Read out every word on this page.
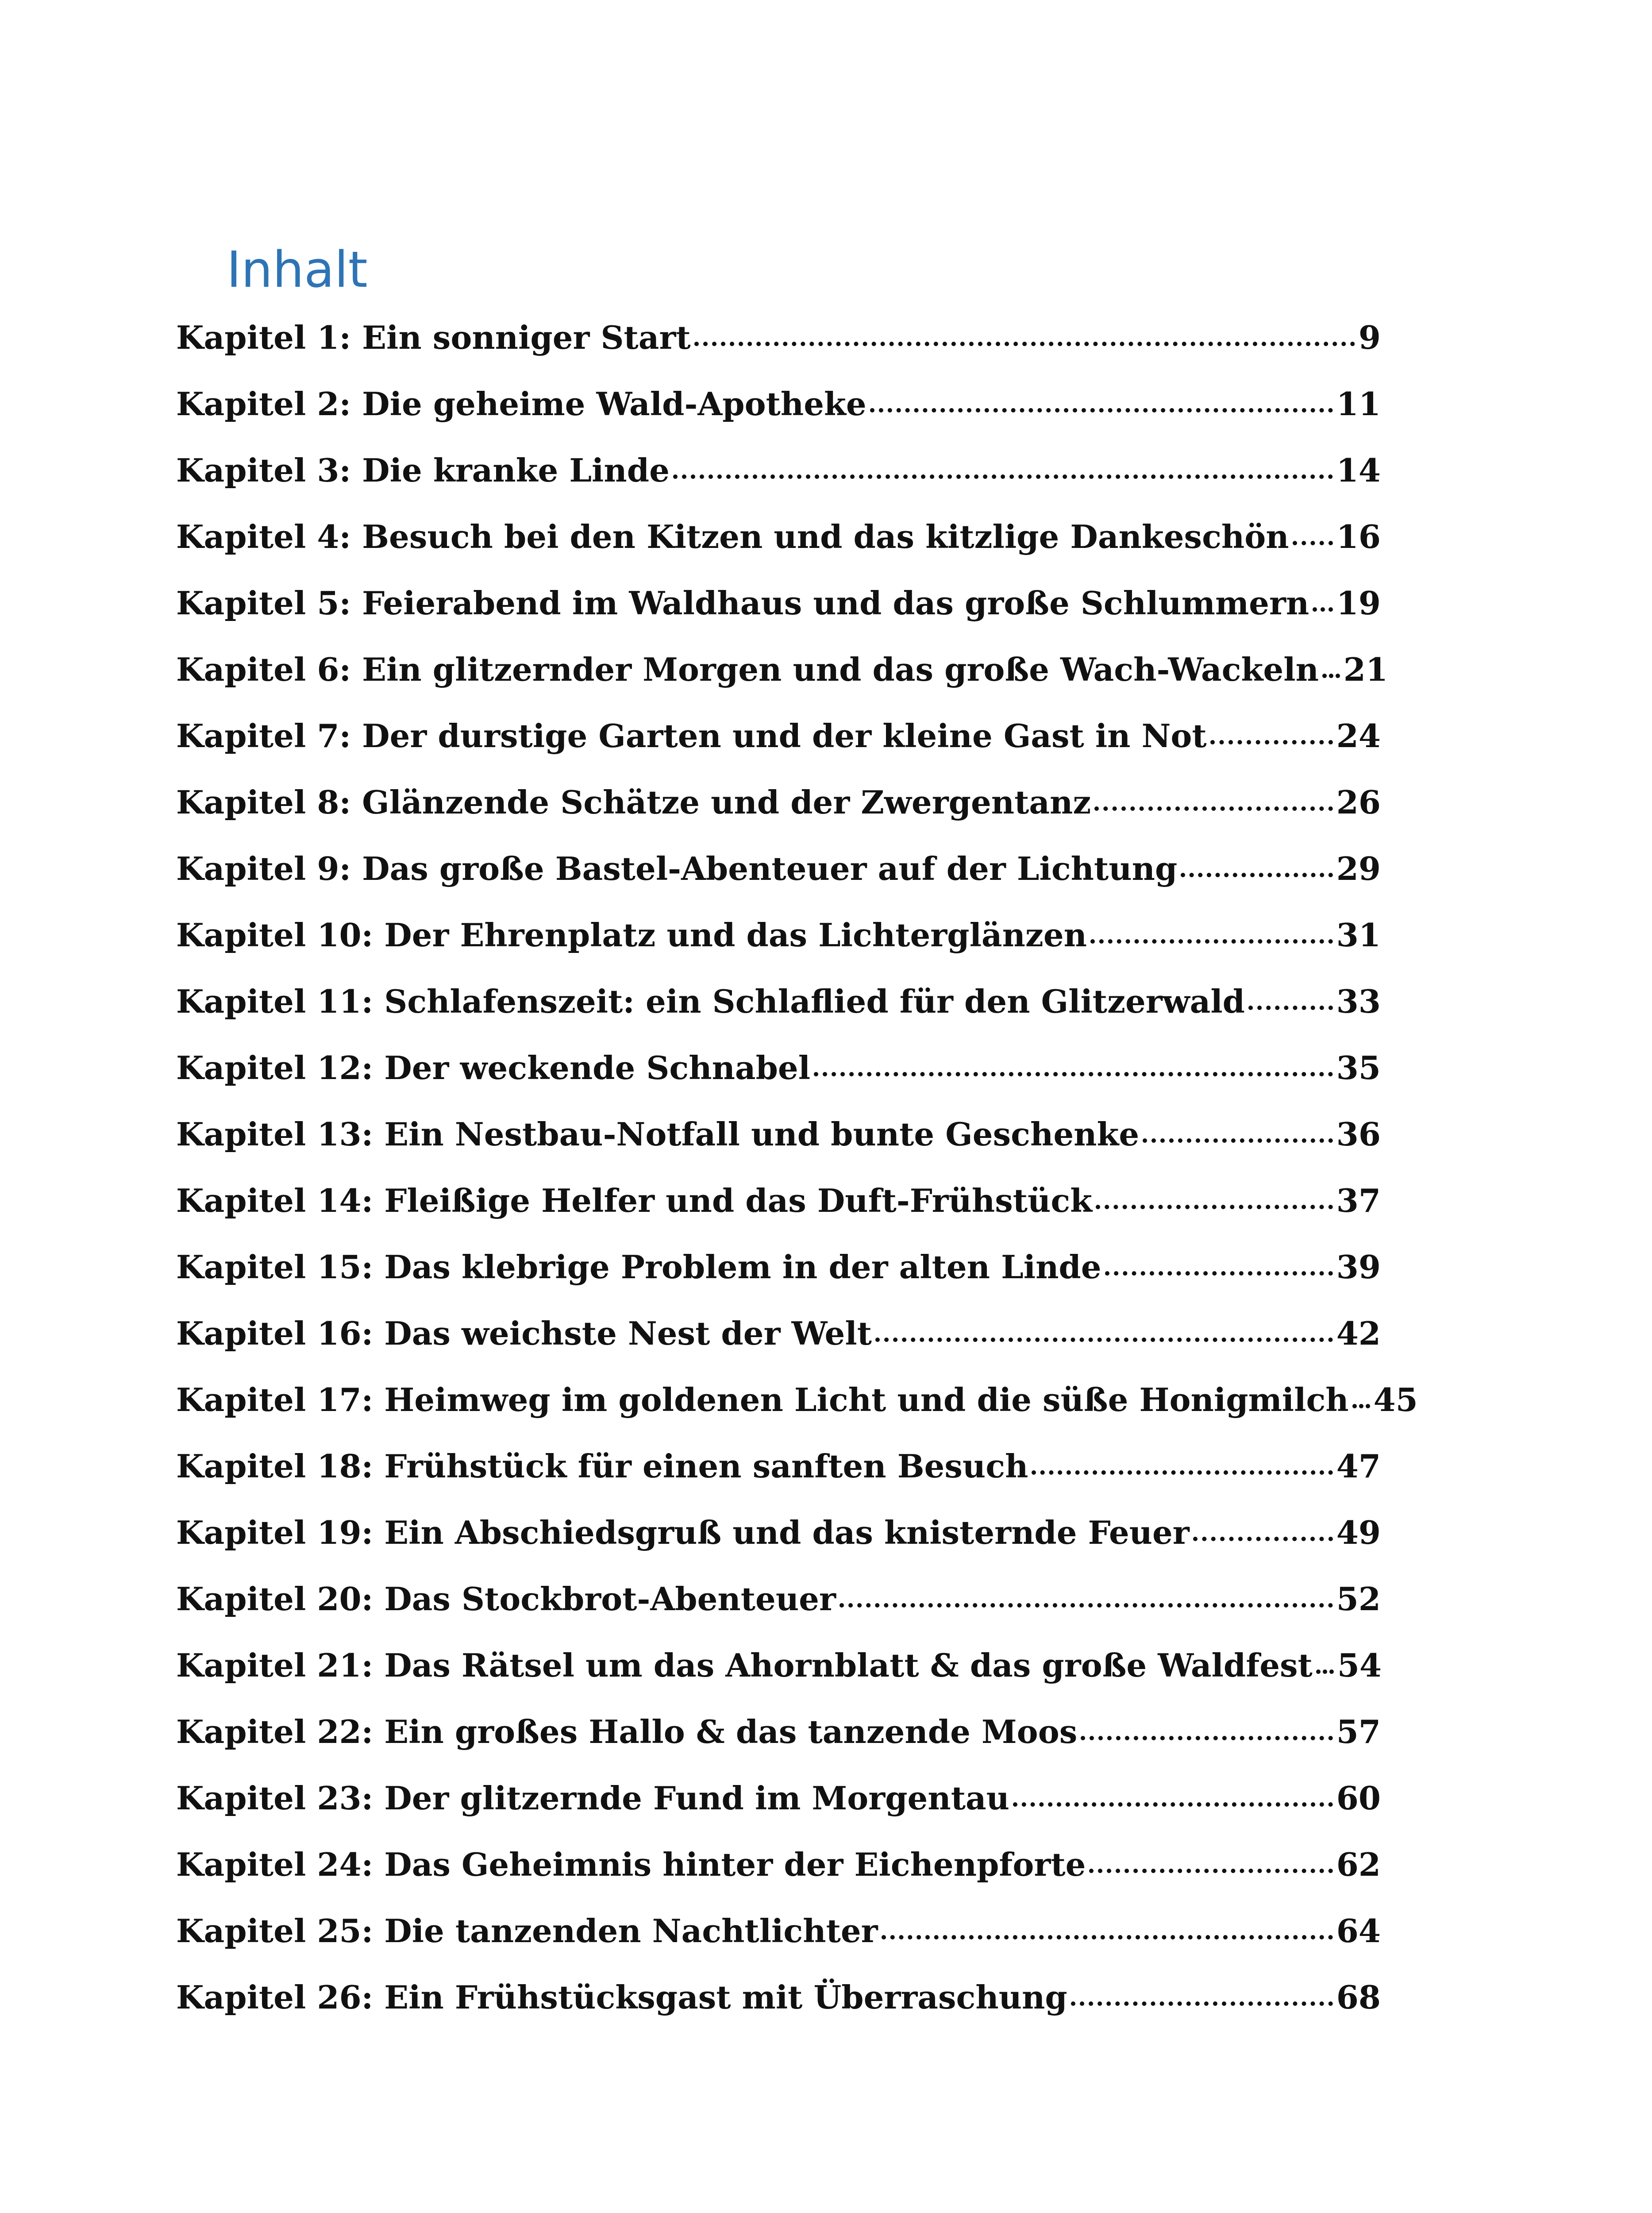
Inhalt
Kapitel 1: Ein sonniger Start	9
Kapitel 2: Die geheime Wald-Apotheke	11
Kapitel 3: Die kranke Linde	14
Kapitel 4: Besuch bei den Kitzen und das kitzlige Dankeschön 16
Kapitel 5: Feierabend im Waldhaus und das große Schlummern 19
Kapitel 6: Ein glitzernder Morgen und das große Wach-Wackeln 21
Kapitel 7: Der durstige Garten und der kleine Gast in Not	24
Kapitel 8: Glänzende Schätze und der Zwergentanz	26
Kapitel 9: Das große Bastel-Abenteuer auf der Lichtung	29
Kapitel 10: Der Ehrenplatz und das Lichterglänzen	31
Kapitel 11: Schlafenszeit: ein Schlaflied für den Glitzerwald	33
Kapitel 12: Der weckende Schnabel	35
Kapitel 13: Ein Nestbau-Notfall und bunte Geschenke	36
Kapitel 14: Fleißige Helfer und das Duft-Frühstück	37
Kapitel 15: Das klebrige Problem in der alten Linde	39
Kapitel 16: Das weichste Nest der Welt	42
Kapitel 17: Heimweg im goldenen Licht und die süße Honigmilch 45
Kapitel 18: Frühstück für einen sanften Besuch	47
Kapitel 19: Ein Abschiedsgruß und das knisternde Feuer	49
Kapitel 20: Das Stockbrot-Abenteuer	52
Kapitel 21: Das Rätsel um das Ahornblatt & das große Waldfest 54
Kapitel 22: Ein großes Hallo & das tanzende Moos	57
Kapitel 23: Der glitzernde Fund im Morgentau	60
Kapitel 24: Das Geheimnis hinter der Eichenpforte	62
Kapitel 25: Die tanzenden Nachtlichter	64
Kapitel 26: Ein Frühstücksgast mit Überraschung	68
